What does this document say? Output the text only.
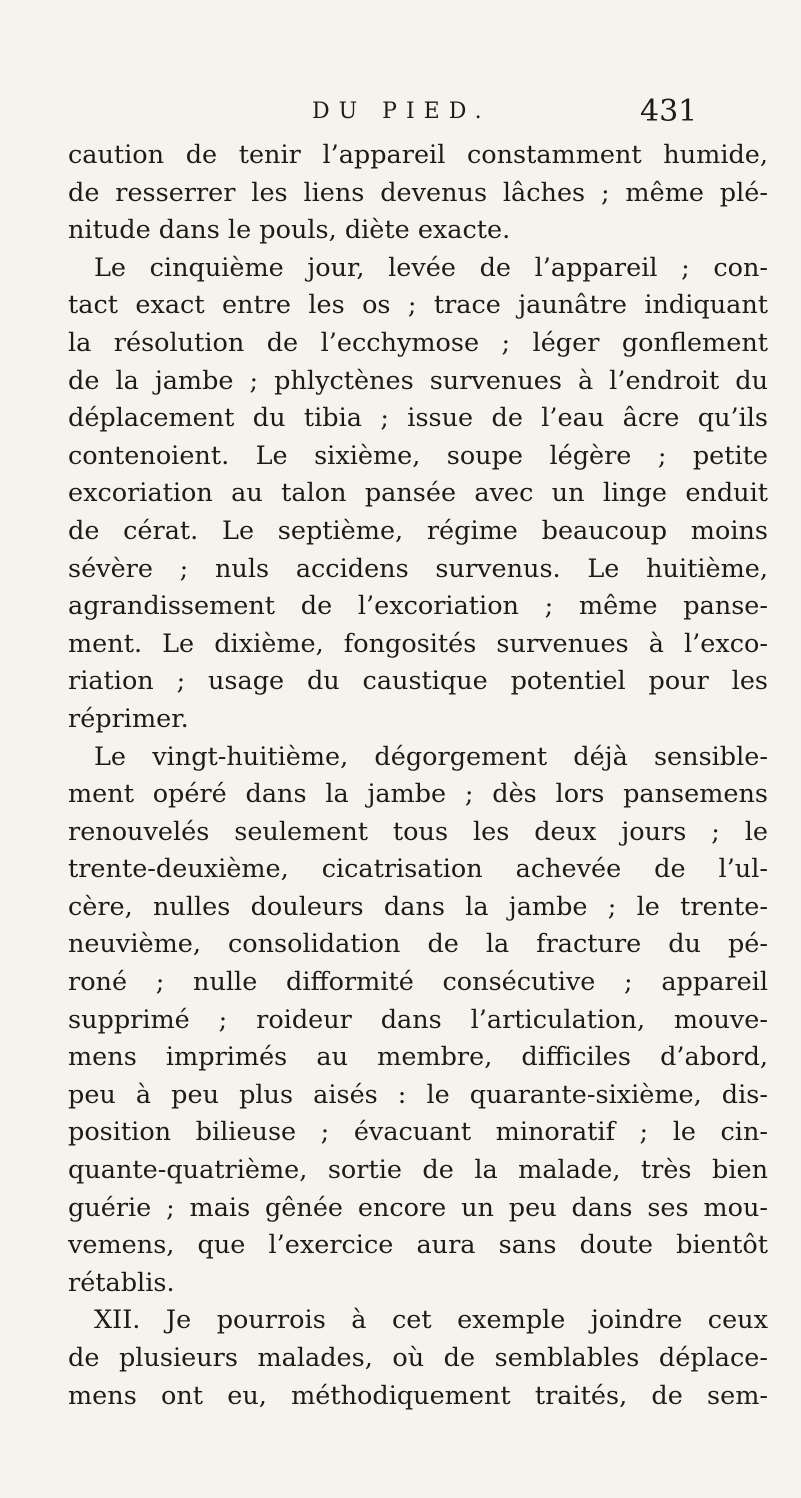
DU PIED.	431
caution de tenir l’appareil constamment humide,
de resserrer les liens devenus lâches ; même plé-
nitude dans le pouls, diète exacte.
Le cinquième jour, levée de l’appareil ; con-
tact exact entre les os ; trace jaunâtre indiquant
la résolution de l’ecchymose ; léger gonflement
de la jambe ; phlyctènes survenues à l’endroit du
déplacement du tibia ; issue de l’eau âcre qu’ils
contenoient. Le sixième, soupe légère ; petite
excoriation au talon pansée avec un linge enduit
de cérat. Le septième, régime beaucoup moins
sévère ; nuls accidens survenus. Le huitième,
agrandissement de l’excoriation ; même panse-
ment. Le dixième, fongosités survenues à l’exco-
riation ; usage du caustique potentiel pour les
réprimer.
Le vingt-huitième, dégorgement déjà sensible-
ment opéré dans la jambe ; dès lors pansemens
renouvelés seulement tous les deux jours ; le
trente-deuxième, cicatrisation achevée de l’ul-
cère, nulles douleurs dans la jambe ; le trente-
neuvième, consolidation de la fracture du pé-
roné ; nulle difformité consécutive ; appareil
supprimé ; roideur dans l’articulation, mouve-
mens imprimés au membre, difficiles d’abord,
peu à peu plus aisés : le quarante-sixième, dis-
position bilieuse ; évacuant minoratif ; le cin-
quante-quatrième, sortie de la malade, très bien
guérie ; mais gênée encore un peu dans ses mou-
vemens, que l’exercice aura sans doute bientôt
rétablis.
XII. Je pourrois à cet exemple joindre ceux
de plusieurs malades, où de semblables déplace-
mens ont eu, méthodiquement traités, de sem-
